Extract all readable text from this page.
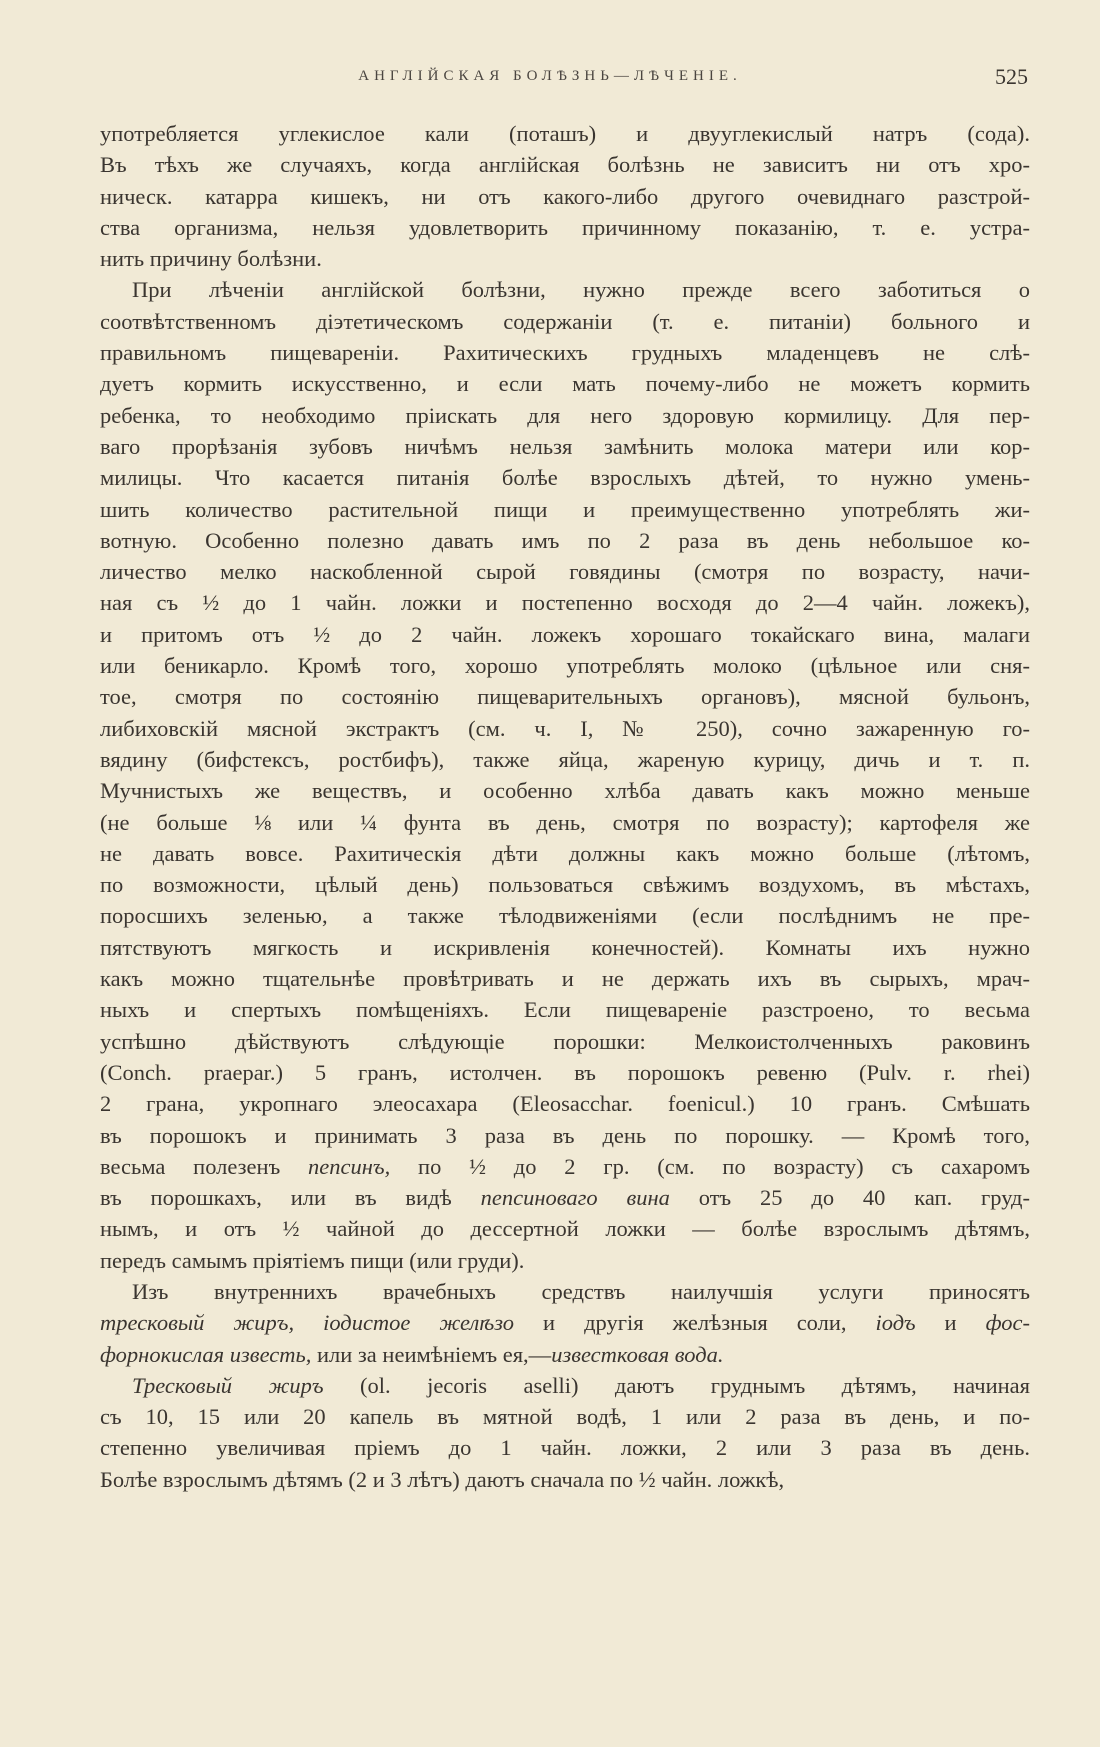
АНГЛІЙСКАЯ БОЛѢЗНЬ—ЛѢЧЕНІЕ.	525
употребляется углекислое кали (поташъ) и двууглекислый натръ (сода).
Въ тѣхъ же случаяхъ, когда англійская болѣзнь не зависитъ ни отъ хро-
ническ. катарра кишекъ, ни отъ какого-либо другого очевиднаго разстрой-
ства организма, нельзя удовлетворить причинному показанію, т. е. устра-
нить причину болѣзни.
При лѣченіи англійской болѣзни, нужно прежде всего заботиться о
соотвѣтственномъ діэтетическомъ содержаніи (т. е. питаніи) больного и
правильномъ пищевареніи. Рахитическихъ грудныхъ младенцевъ не слѣ-
дуетъ кормить искусственно, и если мать почему-либо не можетъ кормить
ребенка, то необходимо пріискать для него здоровую кормилицу. Для пер-
ваго прорѣзанія зубовъ ничѣмъ нельзя замѣнить молока матери или кор-
милицы. Что касается питанія болѣе взрослыхъ дѣтей, то нужно умень-
шить количество растительной пищи и преимущественно употреблять жи-
вотную. Особенно полезно давать имъ по 2 раза въ день небольшое ко-
личество мелко наскобленной сырой говядины (смотря по возрасту, начи-
ная съ ½ до 1 чайн. ложки и постепенно восходя до 2—4 чайн. ложекъ),
и притомъ отъ ½ до 2 чайн. ложекъ хорошаго токайскаго вина, малаги
или беникарло. Кромѣ того, хорошо употреблять молоко (цѣльное или сня-
тое, смотря по состоянію пищеварительныхъ органовъ), мясной бульонъ,
либиховскій мясной экстрактъ (см. ч. I, № 250), сочно зажаренную го-
вядину (бифстексъ, ростбифъ), также яйца, жареную курицу, дичь и т. п.
Мучнистыхъ же веществъ, и особенно хлѣба давать какъ можно меньше
(не больше ⅛ или ¼ фунта въ день, смотря по возрасту); картофеля же
не давать вовсе. Рахитическія дѣти должны какъ можно больше (лѣтомъ,
по возможности, цѣлый день) пользоваться свѣжимъ воздухомъ, въ мѣстахъ,
поросшихъ зеленью, а также тѣлодвиженіями (если послѣднимъ не пре-
пятствуютъ мягкость и искривленія конечностей). Комнаты ихъ нужно
какъ можно тщательнѣе провѣтривать и не держать ихъ въ сырыхъ, мрач-
ныхъ и спертыхъ помѣщеніяхъ. Если пищевареніе разстроено, то весьма
успѣшно дѣйствуютъ слѣдующіе порошки: Мелкоистолченныхъ раковинъ
(Conch. praepar.) 5 гранъ, истолчен. въ порошокъ ревеню (Pulv. r. rhei)
2 грана, укропнаго элеосахара (Eleosacchar. foenicul.) 10 гранъ. Смѣшать
въ порошокъ и принимать 3 раза въ день по порошку. — Кромѣ того,
весьма полезенъ пепсинъ, по ½ до 2 гр. (см. по возрасту) съ сахаромъ
въ порошкахъ, или въ видѣ пепсиноваго вина отъ 25 до 40 кап. груд-
нымъ, и отъ ½ чайной до дессертной ложки — болѣе взрослымъ дѣтямъ,
передъ самымъ пріятіемъ пищи (или груди).
Изъ внутреннихъ врачебныхъ средствъ наилучшія услуги приносятъ
тресковый жиръ, іодистое желѣзо и другія желѣзныя соли, іодъ и фос-
форнокислая известь, или за неимѣніемъ ея,—известковая вода.
Тресковый жиръ (ol. jecoris aselli) даютъ груднымъ дѣтямъ, начиная
съ 10, 15 или 20 капель въ мятной водѣ, 1 или 2 раза въ день, и по-
степенно увеличивая пріемъ до 1 чайн. ложки, 2 или 3 раза въ день.
Болѣе взрослымъ дѣтямъ (2 и 3 лѣтъ) даютъ сначала по ½ чайн. ложкѣ,
